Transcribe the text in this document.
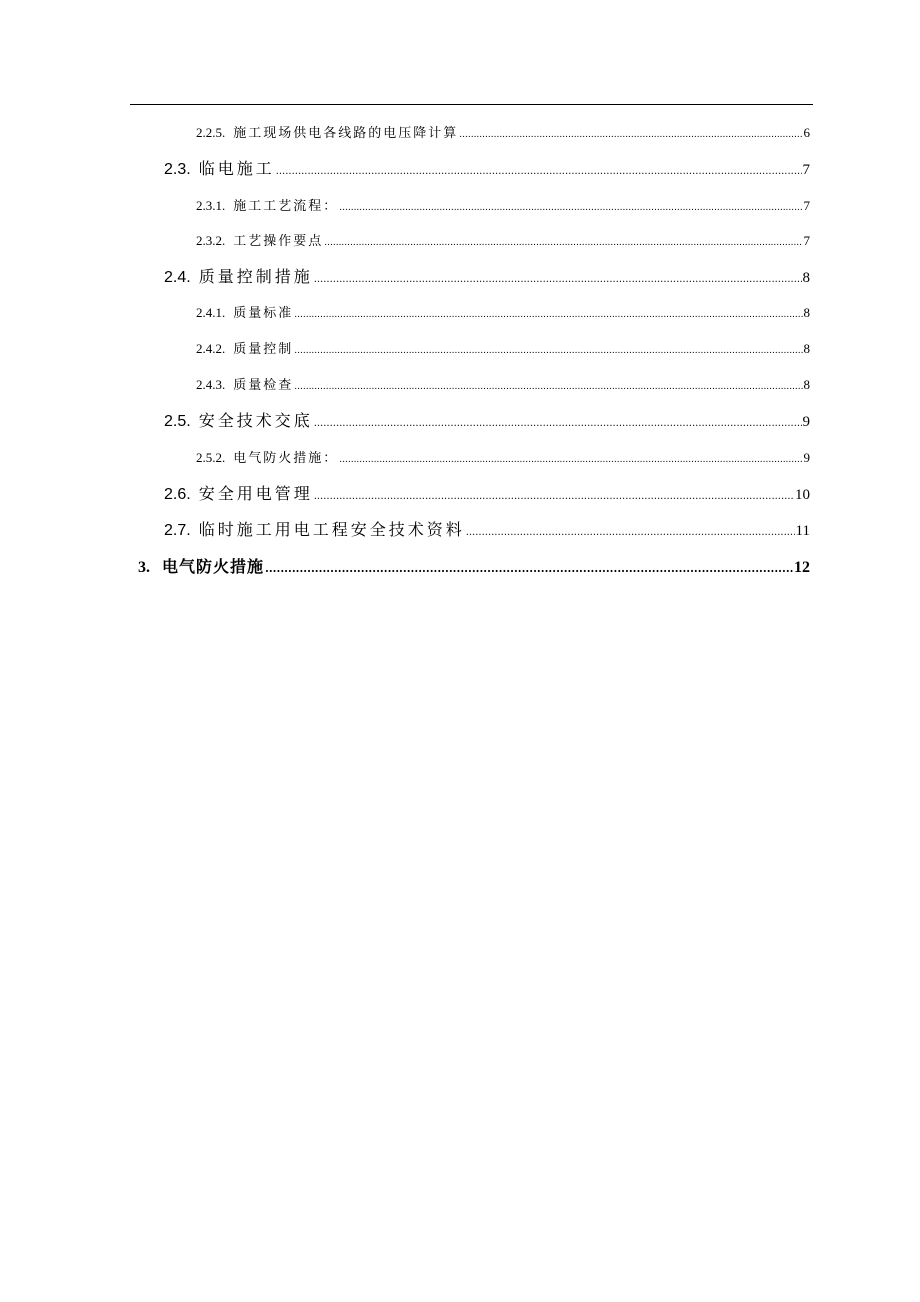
2.2.5. 施工现场供电各线路的电压降计算 .....	6
2.3. 临电施工 .....	7
2.3.1. 施工工艺流程： .....	7
2.3.2. 工艺操作要点 .....	7
2.4. 质量控制措施 .....	8
2.4.1. 质量标准 .....	8
2.4.2. 质量控制 .....	8
2.4.3. 质量检查 .....	8
2.5. 安全技术交底 .....	9
2.5.2. 电气防火措施： .....	9
2.6. 安全用电管理 .....	10
2.7. 临时施工用电工程安全技术资料 .....	11
3. 电气防火措施 .....	12
